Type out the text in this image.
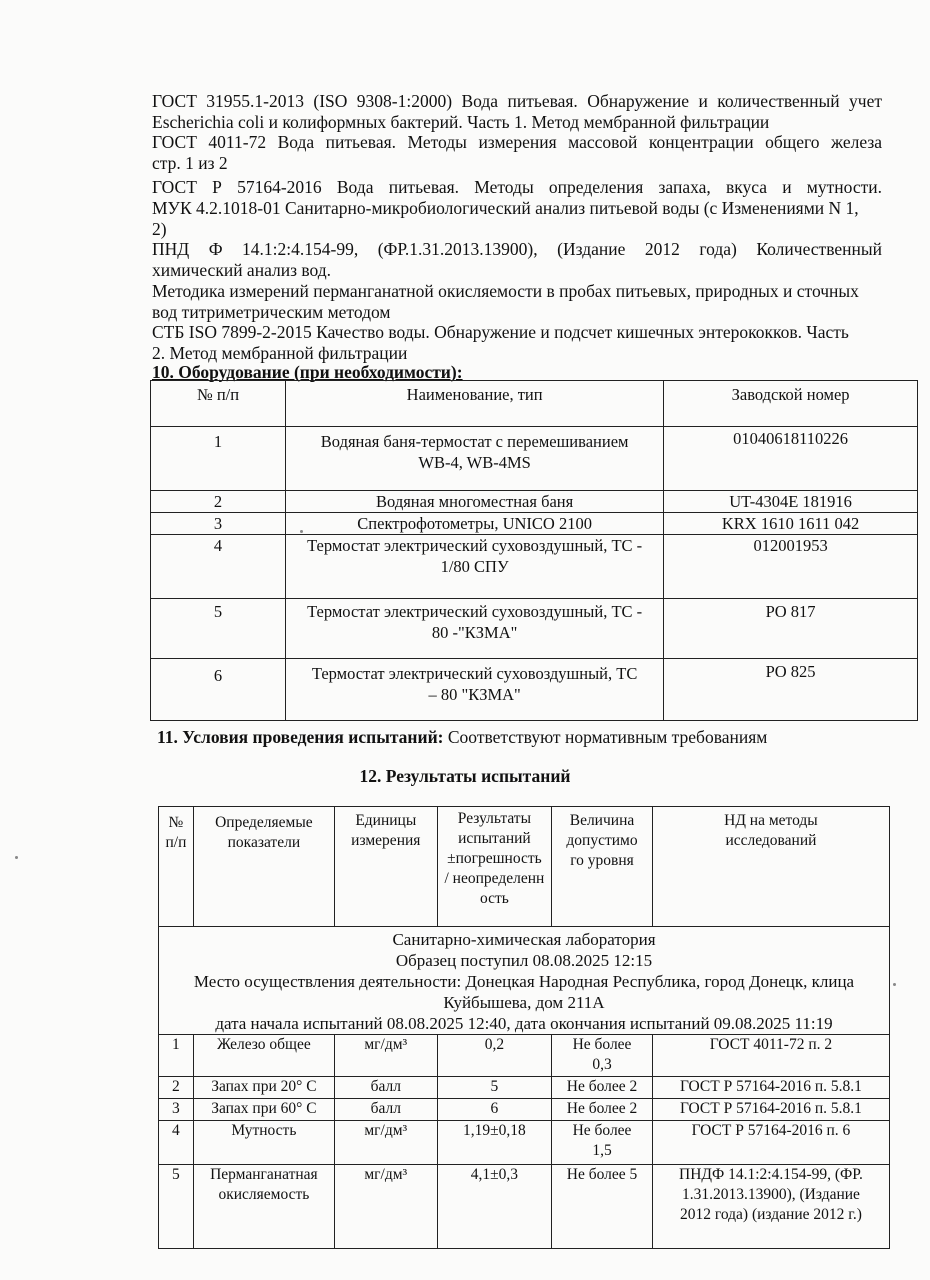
ГОСТ 31955.1-2013 (ISO 9308-1:2000) Вода питьевая. Обнаружение и количественный учет
Escherichia coli и колиформных бактерий. Часть 1. Метод мембранной фильтрации
ГОСТ 4011-72 Вода питьевая. Методы измерения массовой концентрации общего железа
стр. 1 из 2
ГОСТ Р 57164-2016 Вода питьевая. Методы определения запаха, вкуса и мутности.
МУК 4.2.1018-01 Санитарно-микробиологический анализ питьевой воды (с Изменениями N 1,
2)
ПНД Ф 14.1:2:4.154-99, (ФР.1.31.2013.13900), (Издание 2012 года) Количественный
химический анализ вод.
Методика измерений перманганатной окисляемости в пробах питьевых, природных и сточных
вод титриметрическим методом
СТБ ISO 7899-2-2015 Качество воды. Обнаружение и подсчет кишечных энтерококков. Часть
2. Метод мембранной фильтрации
10. Оборудование (при необходимости):
№ п/п	Наименование, тип	Заводской номер
1	Водяная баня-термостат с перемешиванием WB-4, WB-4MS	01040618110226
2	Водяная многоместная баня	UT-4304E 181916
3	Спектрофотометры, UNICO 2100	KRX 1610 1611 042
4	Термостат электрический суховоздушный, ТС - 1/80 СПУ	012001953
5	Термостат электрический суховоздушный, ТС - 80 -"КЗМА"	PO 817
6	Термостат электрический суховоздушный, ТС – 80 "КЗМА"	PO 825
11. Условия проведения испытаний: Соответствуют нормативным требованиям
12. Результаты испытаний
№ п/п	Определяемые показатели	Единицы измерения	Результаты испытаний ±погрешность / неопределенн ость	Величина допустимо го уровня	НД на методы исследований

Санитарно-химическая лаборатория
Образец поступил 08.08.2025 12:15
Место осуществления деятельности: Донецкая Народная Республика, город Донецк, клица
Куйбышева, дом 211А
дата начала испытаний 08.08.2025 12:40, дата окончания испытаний 09.08.2025 11:19					

1	Железо общее	мг/дм³	0,2	Не более 0,3	ГОСТ 4011-72 п. 2
2	Запах при 20° С	балл	5	Не более 2	ГОСТ Р 57164-2016 п. 5.8.1
3	Запах при 60° С	балл	6	Не более 2	ГОСТ Р 57164-2016 п. 5.8.1
4	Мутность	мг/дм³	1,19±0,18	Не более 1,5	ГОСТ Р 57164-2016 п. 6
5	Перманганатная окисляемость	мг/дм³	4,1±0,3	Не более 5	ПНДФ 14.1:2:4.154-99, (ФР. 1.31.2013.13900), (Издание 2012 года) (издание 2012 г.)
